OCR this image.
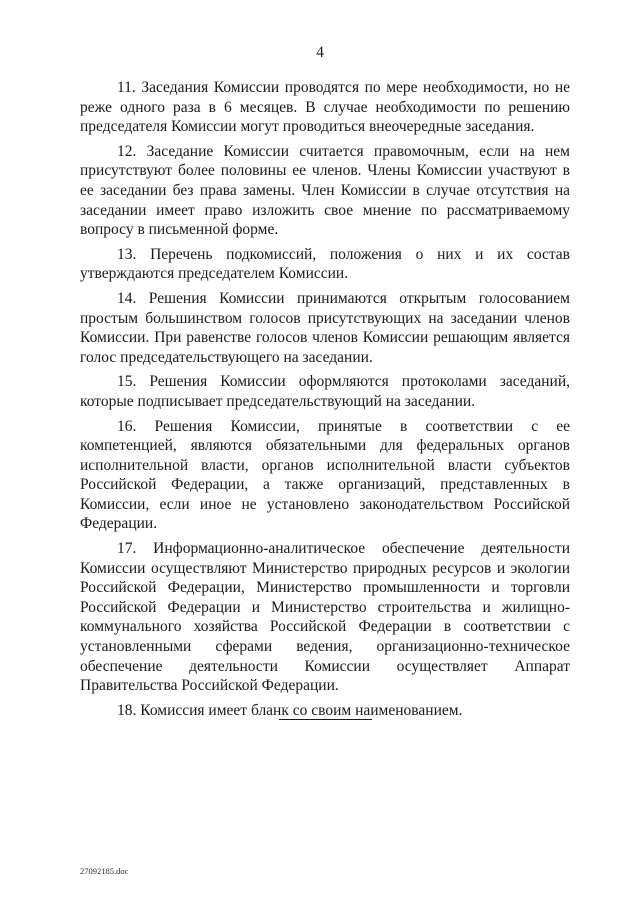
4

11. Заседания Комиссии проводятся по мере необходимости, но не реже одного раза в 6 месяцев. В случае необходимости по решению председателя Комиссии могут проводиться внеочередные заседания.

12. Заседание Комиссии считается правомочным, если на нем присутствуют более половины ее членов. Члены Комиссии участвуют в ее заседании без права замены. Член Комиссии в случае отсутствия на заседании имеет право изложить свое мнение по рассматриваемому вопросу в письменной форме.

13. Перечень подкомиссий, положения о них и их состав утверждаются председателем Комиссии.

14. Решения Комиссии принимаются открытым голосованием простым большинством голосов присутствующих на заседании членов Комиссии. При равенстве голосов членов Комиссии решающим является голос председательствующего на заседании.

15. Решения Комиссии оформляются протоколами заседаний, которые подписывает председательствующий на заседании.

16. Решения Комиссии, принятые в соответствии с ее компетенцией, являются обязательными для федеральных органов исполнительной власти, органов исполнительной власти субъектов Российской Федерации, а также организаций, представленных в Комиссии, если иное не установлено законодательством Российской Федерации.

17. Информационно-аналитическое обеспечение деятельности Комиссии осуществляют Министерство природных ресурсов и экологии Российской Федерации, Министерство промышленности и торговли Российской Федерации и Министерство строительства и жилищно-коммунального хозяйства Российской Федерации в соответствии с установленными сферами ведения, организационно-техническое обеспечение деятельности Комиссии осуществляет Аппарат Правительства Российской Федерации.

18. Комиссия имеет бланк со своим наименованием.

27092185.doc
